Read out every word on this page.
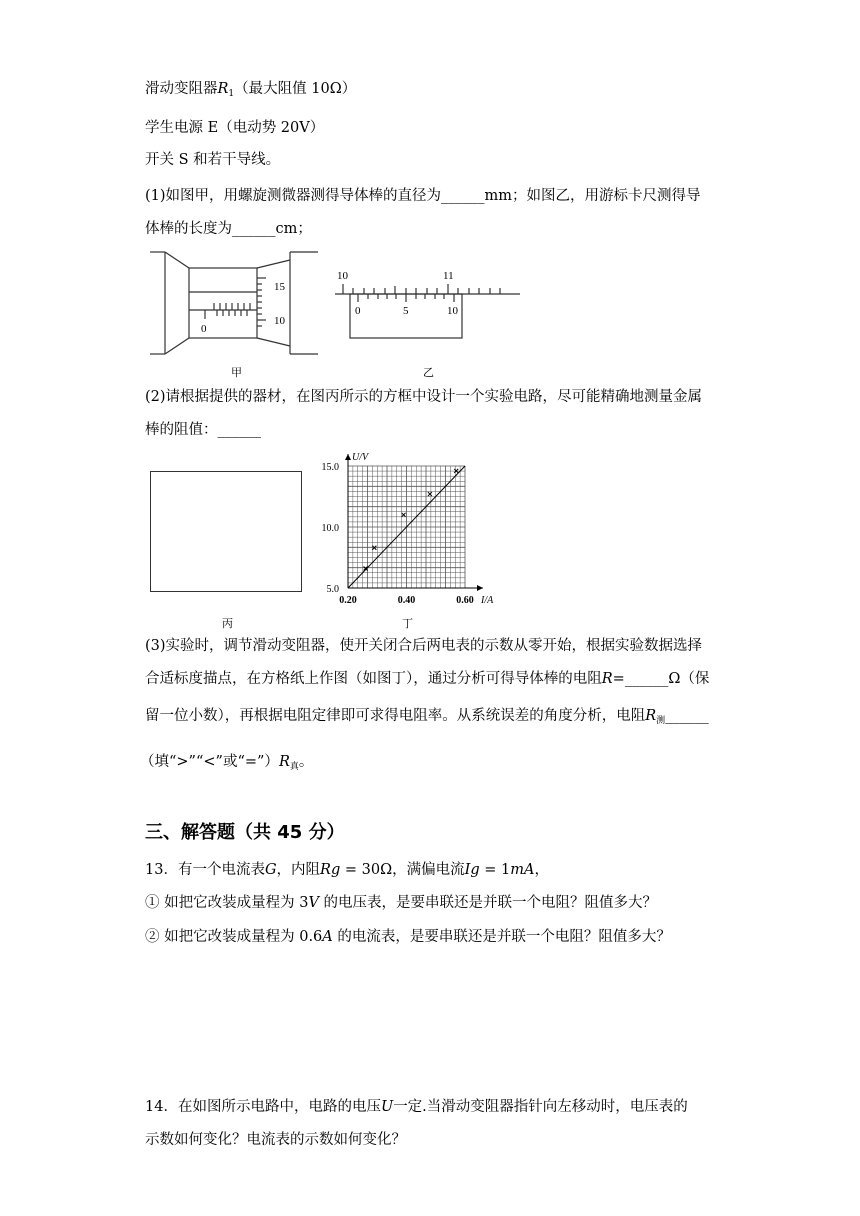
滑动变阻器$R_1$（最大阻值 10Ω）
学生电源 E（电动势 20V）
开关 S 和若干导线。
(1)如图甲，用螺旋测微器测得导体棒的直径为______mm；如图乙，用游标卡尺测得导
体棒的长度为______cm；
0
15
10
10	11
0	5	10
甲	乙
(2)请根据提供的器材，在图丙所示的方框中设计一个实验电路，尽可能精确地测量金属
棒的阻值：______
丙
I/A
U/V
0.20	0.40	0.60
5.0
10.0
15.0
丁
(3)实验时，调节滑动变阻器，使开关闭合后两电表的示数从零开始，根据实验数据选择
合适标度描点，在方格纸上作图（如图丁），通过分析可得导体棒的电阻R=______Ω（保
留一位小数），再根据电阻定律即可求得电阻率。从系统误差的角度分析，电阻$R_测\_\_\_\_\_\_$
（填“>”“<”或“$=”)R_真$。
三、解答题（共 45 分）
13．有一个电流表G，内阻Rg = 30Ω，满偏电流Ig = 1mA，
① 如把它改装成量程为 3V 的电压表，是要串联还是并联一个电阻？阻值多大？
② 如把它改装成量程为 0.6A 的电流表，是要串联还是并联一个电阻？阻值多大？
14．在如图所示电路中，电路的电压U一定.当滑动变阻器指针向左移动时，电压表的
示数如何变化？电流表的示数如何变化？
